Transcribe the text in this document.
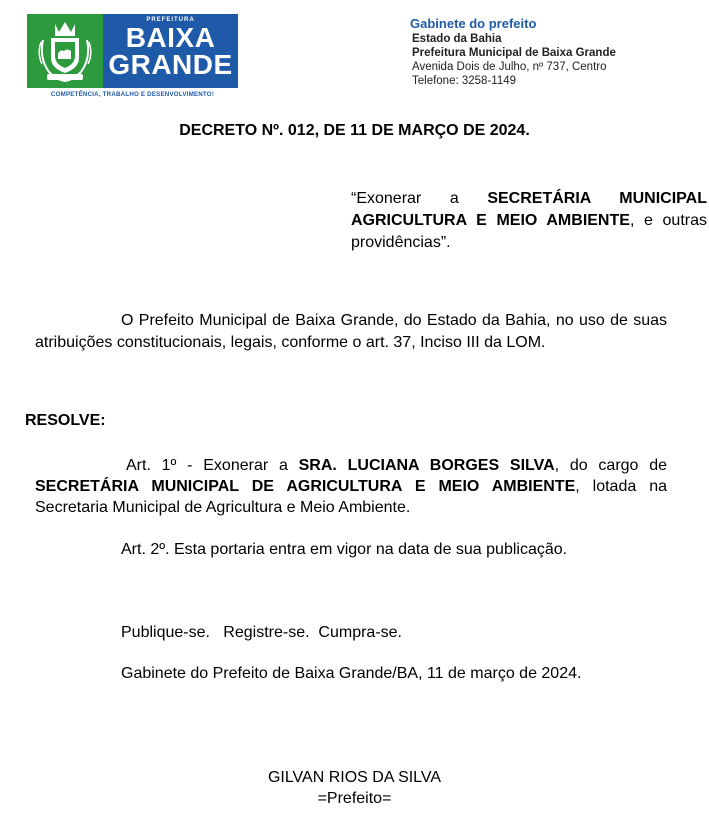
PREFEITURA
BAIXA
GRANDE
COMPETÊNCIA, TRABALHO E DESENVOLVIMENTO!
Gabinete do prefeito
Estado da Bahia
Prefeitura Municipal de Baixa Grande
Avenida Dois de Julho, nº 737, Centro
Telefone: 3258-1149
DECRETO Nº. 012, DE 11 DE MARÇO DE 2024.
“Exonerar a SECRETÁRIA MUNICIPAL AGRICULTURA E MEIO AMBIENTE, e outras providências”.
O Prefeito Municipal de Baixa Grande, do Estado da Bahia, no uso de suas atribuições constitucionais, legais, conforme o art. 37, Inciso III da LOM.
RESOLVE:
Art. 1º - Exonerar a SRA. LUCIANA BORGES SILVA, do cargo de SECRETÁRIA MUNICIPAL DE AGRICULTURA E MEIO AMBIENTE, lotada na Secretaria Municipal de Agricultura e Meio Ambiente.
Art. 2º. Esta portaria entra em vigor na data de sua publicação.
Publique-se.   Registre-se.  Cumpra-se.
Gabinete do Prefeito de Baixa Grande/BA, 11 de março de 2024.
GILVAN RIOS DA SILVA
=Prefeito=
